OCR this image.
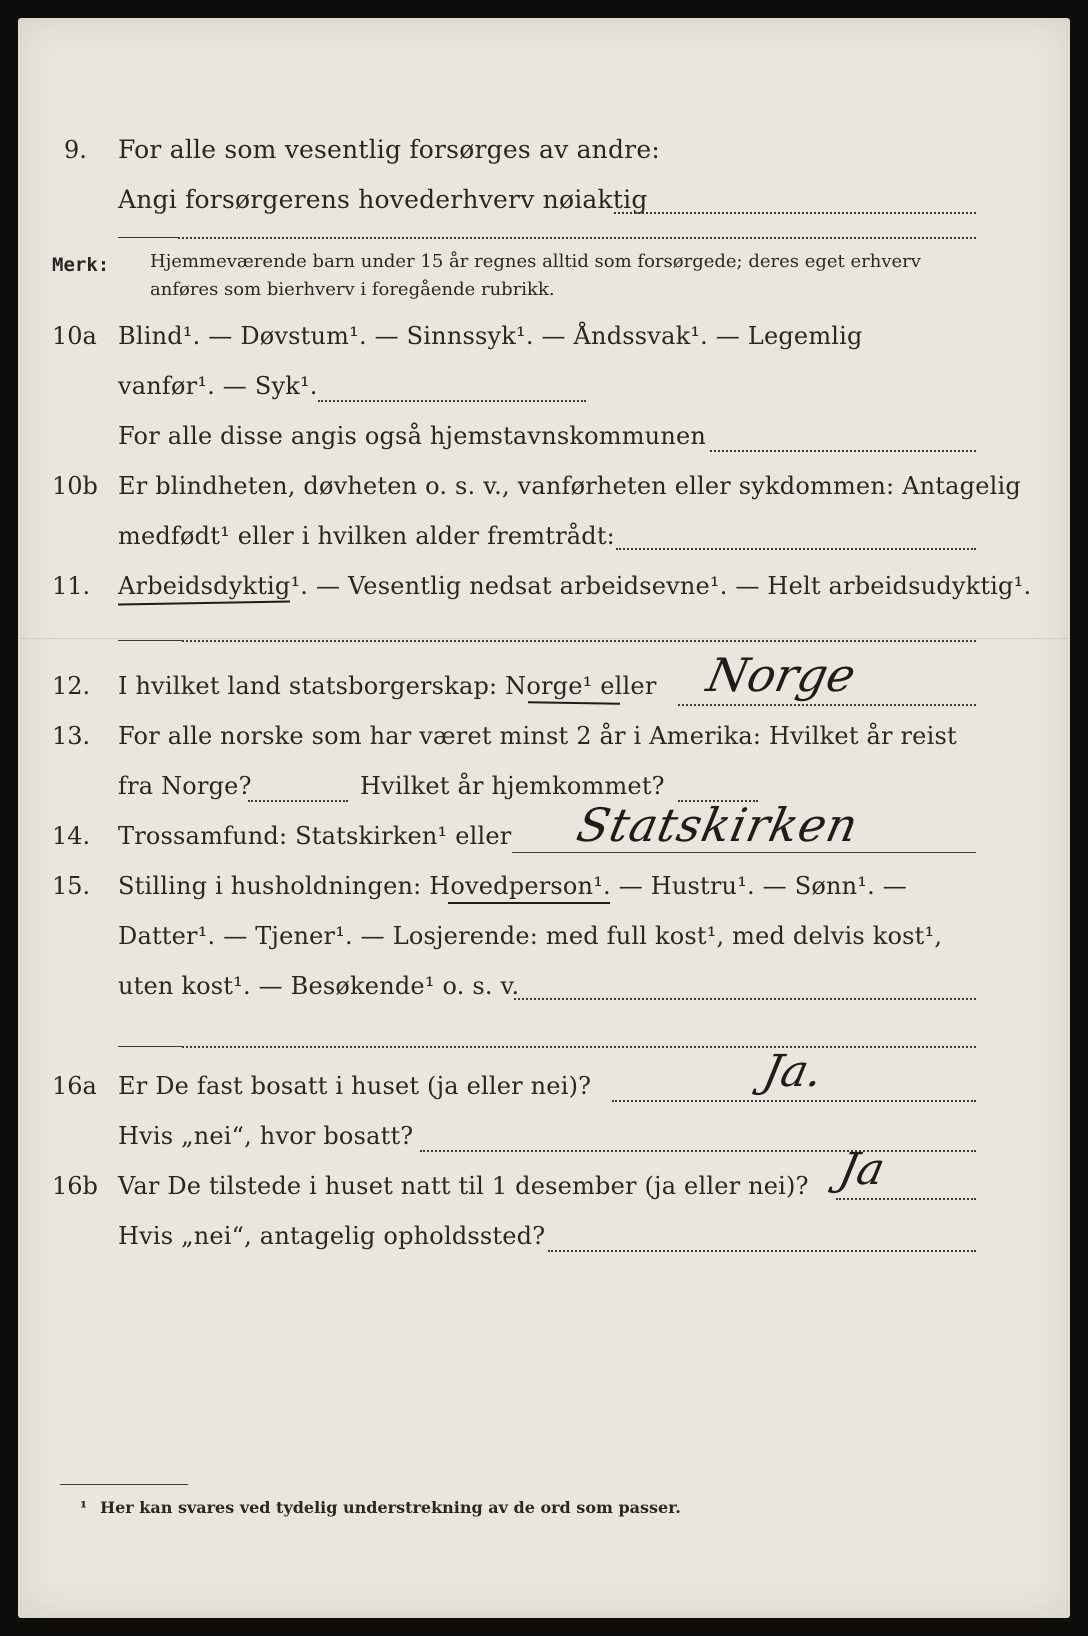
9. For alle som vesentlig forsørges av andre:
Angi forsørgerens hovederhverv nøiaktig
Merk: Hjemmeværende barn under 15 år regnes alltid som forsørgede; deres eget erhverv
anføres som bierhverv i foregående rubrikk.
10a Blind¹. — Døvstum¹. — Sinnssyk¹. — Åndssvak¹. — Legemlig
vanfør¹. — Syk¹.
For alle disse angis også hjemstavnskommunen
10b Er blindheten, døvheten o. s. v., vanførheten eller sykdommen: Antagelig
medfødt¹ eller i hvilken alder fremtrådt:
11. Arbeidsdyktig¹. — Vesentlig nedsat arbeidsevne¹. — Helt arbeidsudyktig¹.
12. I hvilket land statsborgerskap: Norge¹ eller Norge
13. For alle norske som har været minst 2 år i Amerika: Hvilket år reist
fra Norge?	Hvilket år hjemkommet?
14. Trossamfund: Statskirken¹ eller Statskirken
15. Stilling i husholdningen: Hovedperson¹. — Hustru¹. — Sønn¹. —
Datter¹. — Tjener¹. — Losjerende: med full kost¹, med delvis kost¹,
uten kost¹. — Besøkende¹ o. s. v.
16a Er De fast bosatt i huset (ja eller nei)?	Ja.
Hvis „nei“, hvor bosatt?
16b Var De tilstede i huset natt til 1 desember (ja eller nei)? Ja
Hvis „nei“, antagelig opholdssted?
¹ Her kan svares ved tydelig understrekning av de ord som passer.
